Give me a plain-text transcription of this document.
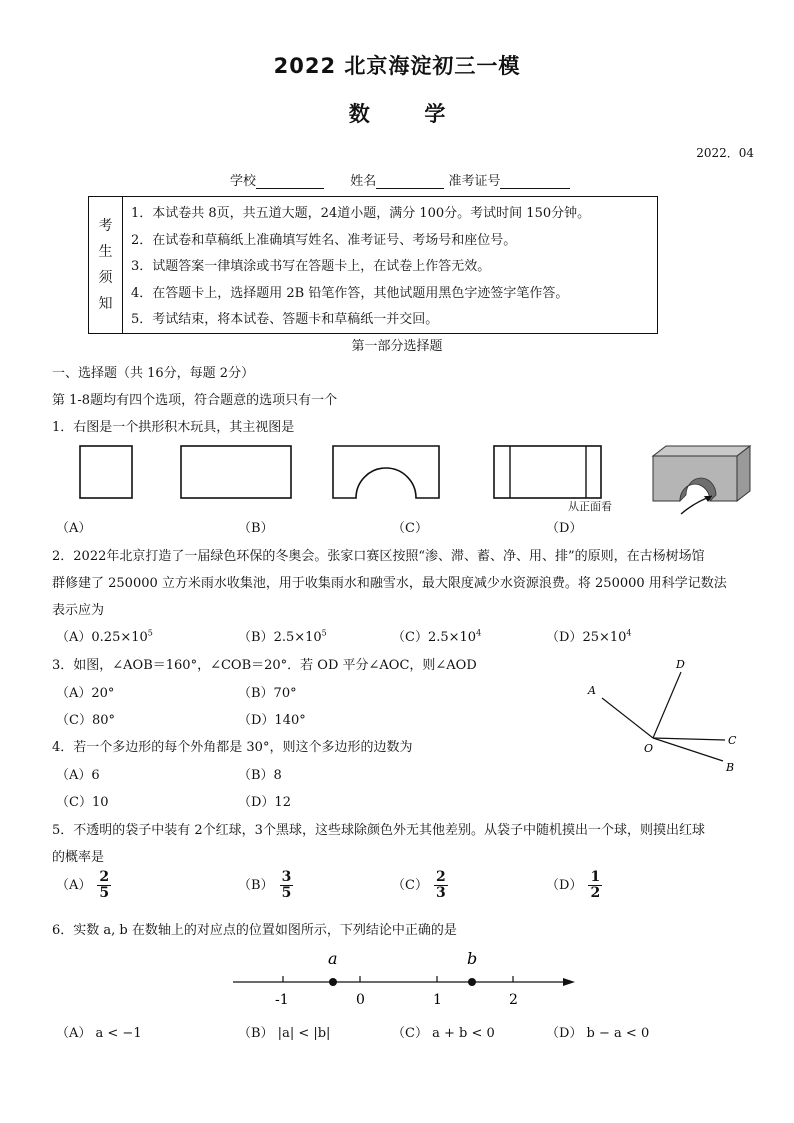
2022 北京海淀初三一模
数	学
2022．04
学校	姓名	准考证号
考
生
须
知
1．本试卷共 8页，共五道大题，24道小题，满分 100分。考试时间 150分钟。
2．在试卷和草稿纸上准确填写姓名、准考证号、考场号和座位号。
3．试题答案一律填涂或书写在答题卡上，在试卷上作答无效。
4．在答题卡上，选择题用 2B 铅笔作答，其他试题用黑色字迹签字笔作答。
5．考试结束，将本试卷、答题卡和草稿纸一并交回。
第一部分选择题
一、选择题（共 16分，每题 2分）
第 1-8题均有四个选项，符合题意的选项只有一个
1．右图是一个拱形积木玩具，其主视图是
从正面看
（A）	（B）	（C）	（D）
2．2022年北京打造了一届绿色环保的冬奥会。张家口赛区按照“渗、滞、蓄、净、用、排”的原则，在古杨树场馆
群修建了 250000 立方米雨水收集池，用于收集雨水和融雪水，最大限度减少水资源浪费。将 250000 用科学记数法
表示应为
$(A)0.25\times 10^5$	$(B)2.5\times 10^5$	$(C)2.5\times 10^4$	$(D)25\times 10^4$
3．如图，∠AOB＝160°，∠COB＝20°．若 OD 平分∠AOC，则∠AOD
（A）20°	（B）70°
（C）80°	（D）140°
A
O
D
C
B
4．若一个多边形的每个外角都是 30°，则这个多边形的边数为
（A）6	（B）8
（C）10	（D）12
5．不透明的袋子中装有 2个红球，3个黑球，这些球除颜色外无其他差别。从袋子中随机摸出一个球，则摸出红球
的概率是
$(A) \frac{2}{5}$	$(B) \frac{3}{5}$	$(C) \frac{2}{3}$	$(D) \frac{1}{2}$
6．实数 a, b 在数轴上的对应点的位置如图所示，下列结论中正确的是
-1	0	1	2
a	b
（A） a < −1	（B） |a| < |b|	（C） a + b < 0	（D） b − a < 0
